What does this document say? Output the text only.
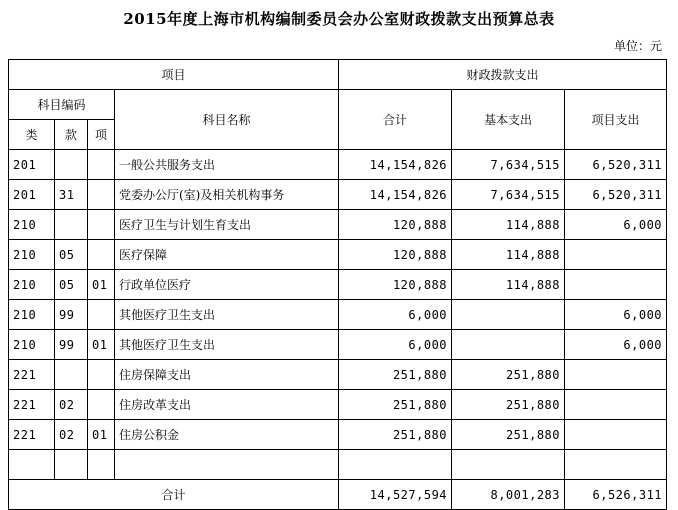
2015年度上海市机构编制委员会办公室财政拨款支出预算总表
单位：元
项目				财政拨款支出		
科目编码			科目名称	合计	基本支出	项目支出
类	款	项				
201			一般公共服务支出	14,154,826	7,634,515	6,520,311
201	31		党委办公厅(室)及相关机构事务	14,154,826	7,634,515	6,520,311
210			医疗卫生与计划生育支出	120,888	114,888	6,000
210	05		医疗保障	120,888	114,888	
210	05	01	行政单位医疗	120,888	114,888	
210	99		其他医疗卫生支出	6,000		6,000
210	99	01	其他医疗卫生支出	6,000		6,000
221			住房保障支出	251,880	251,880	
221	02		住房改革支出	251,880	251,880	
221	02	01	住房公积金	251,880	251,880	

合计				14,527,594	8,001,283	6,526,311
